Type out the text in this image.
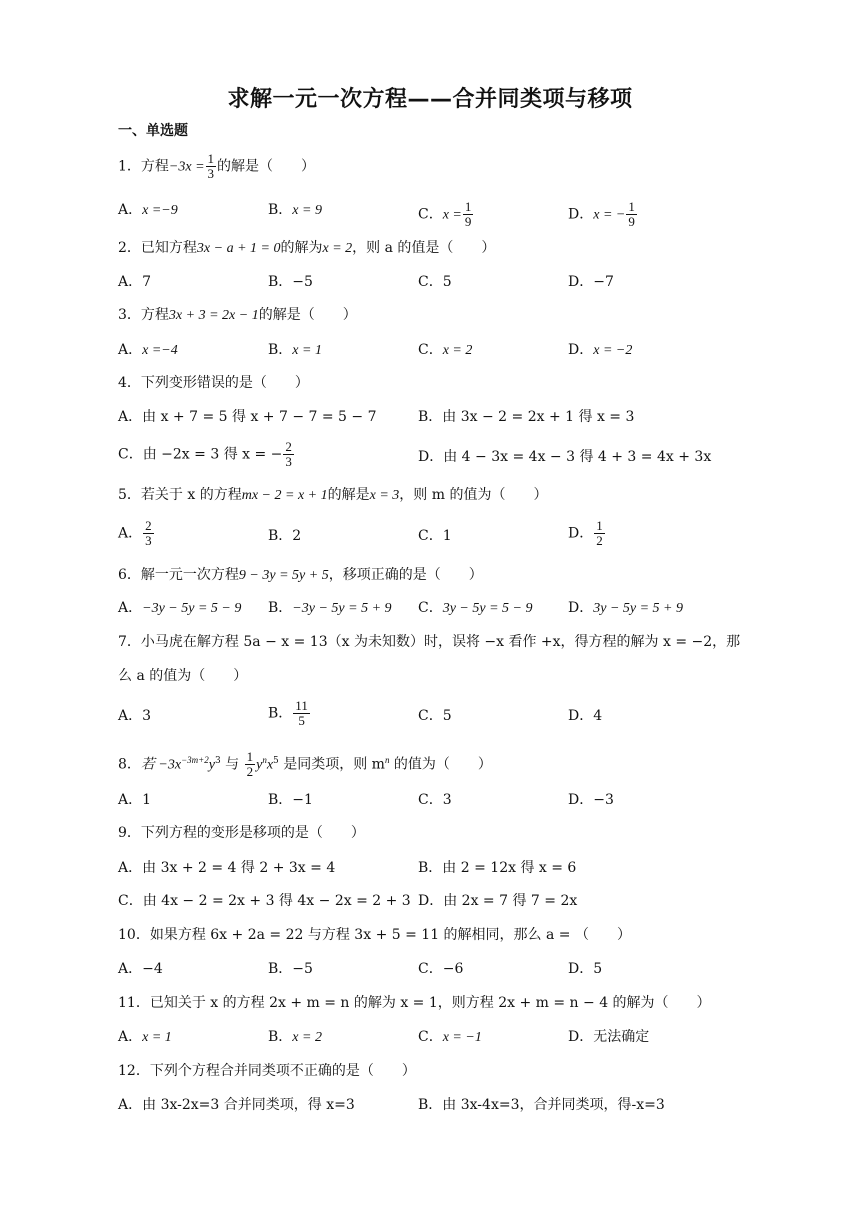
求解一元一次方程——合并同类项与移项
一、单选题
1．方程$-3x = \frac{1}{3}$ 的解是（　　）
A．x =−9	B．x = 9	C．$x = \frac{1}{9}$	D．x = − $\frac{1}{9}$
2．已知方程3x − a + 1 = 0的解为x = 2，则 a 的值是（　　）
A．7	B．−5	C．5	D．−7
3．方程3x + 3 = 2x − 1的解是（　　）
A．x =−4	B．x = 1	C．x = 2	D．x = −2
4．下列变形错误的是（　　）
A．由 x + 7 = 5 得 x + 7 − 7 = 5 − 7	B．由 3x − 2 = 2x + 1 得 x = 3
C．由 −2x = 3 得 x = − $\frac{2}{3}$	D．由 4 − 3x = 4x − 3 得 4 + 3 = 4x + 3x
5．若关于 x 的方程mx − 2 = x + 1的解是x = 3，则 m 的值为（　　）
A． $\frac{2}{3}$	B．2	C．1	D． $\frac{1}{2}$
6．解一元一次方程9 − 3y = 5y + 5，移项正确的是（　　）
A．−3y − 5y = 5 − 9 B．−3y − 5y = 5 + 9 C．3y − 5y = 5 − 9	D．3y − 5y = 5 + 9
7．小马虎在解方程 5a − x = 13（x 为未知数）时，误将 −x 看作 +x，得方程的解为 x = −2，那
么 a 的值为（　　）
A．3	B． $\frac{11}{5}$	C．5	D．4
8．若 $-3x^{-3m+2}y^3$ 与 $\frac{1}{2} y^nx^5$ 是同类项，则 $m^n$ 的值为（　　）
A．1	B．−1	C．3	D．−3
9．下列方程的变形是移项的是（　　）
A．由 3x + 2 = 4 得 2 + 3x = 4	B．由 2 = 12x 得 x = 6
C．由 4x − 2 = 2x + 3 得 4x − 2x = 2 + 3 D．由 2x = 7 得 7 = 2x
10．如果方程 6x + 2a = 22 与方程 3x + 5 = 11 的解相同，那么 a = （　　）
A．−4	B．−5	C．−6	D．5
11．已知关于 x 的方程 2x + m = n 的解为 x = 1，则方程 2x + m = n − 4 的解为（　　）
A．x = 1	B．x = 2	C．x = −1	D．无法确定
12．下列个方程合并同类项不正确的是（　　）
A．由 3x-2x=3 合并同类项，得 x=3	B．由 3x-4x=3，合并同类项，得-x=3
